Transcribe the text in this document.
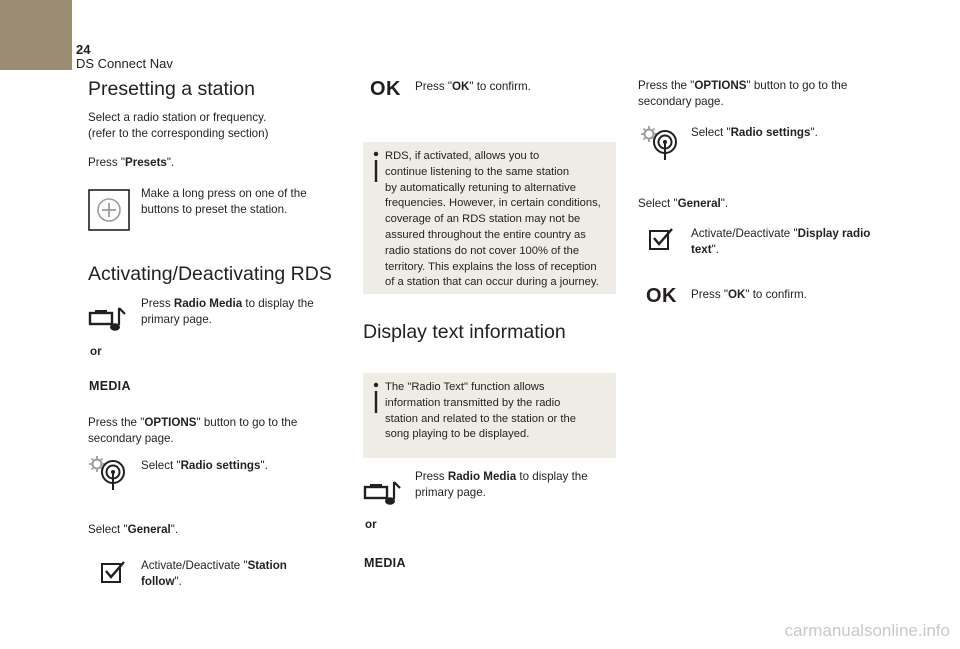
24
DS Connect Nav
Presetting a station
Select a radio station or frequency.
(refer to the corresponding section)
Press "Presets".
Make a long press on one of the
buttons to preset the station.
Activating/Deactivating RDS
Press Radio Media to display the
primary page.
or
MEDIA
Press the "OPTIONS" button to go to the
secondary page.
Select "Radio settings".
Select "General".
Activate/Deactivate "Station
follow".
OK Press "OK" to confirm.
RDS, if activated, allows you to
continue listening to the same station
by automatically retuning to alternative
frequencies. However, in certain conditions,
coverage of an RDS station may not be
assured throughout the entire country as
radio stations do not cover 100% of the
territory. This explains the loss of reception
of a station that can occur during a journey.
Display text information
The "Radio Text" function allows
information transmitted by the radio
station and related to the station or the
song playing to be displayed.
Press Radio Media to display the
primary page.
or
MEDIA
Press the "OPTIONS" button to go to the
secondary page.
Select "Radio settings".
Select "General".
Activate/Deactivate "Display radio
text".
OK Press "OK" to confirm.
carmanualsonline.info
